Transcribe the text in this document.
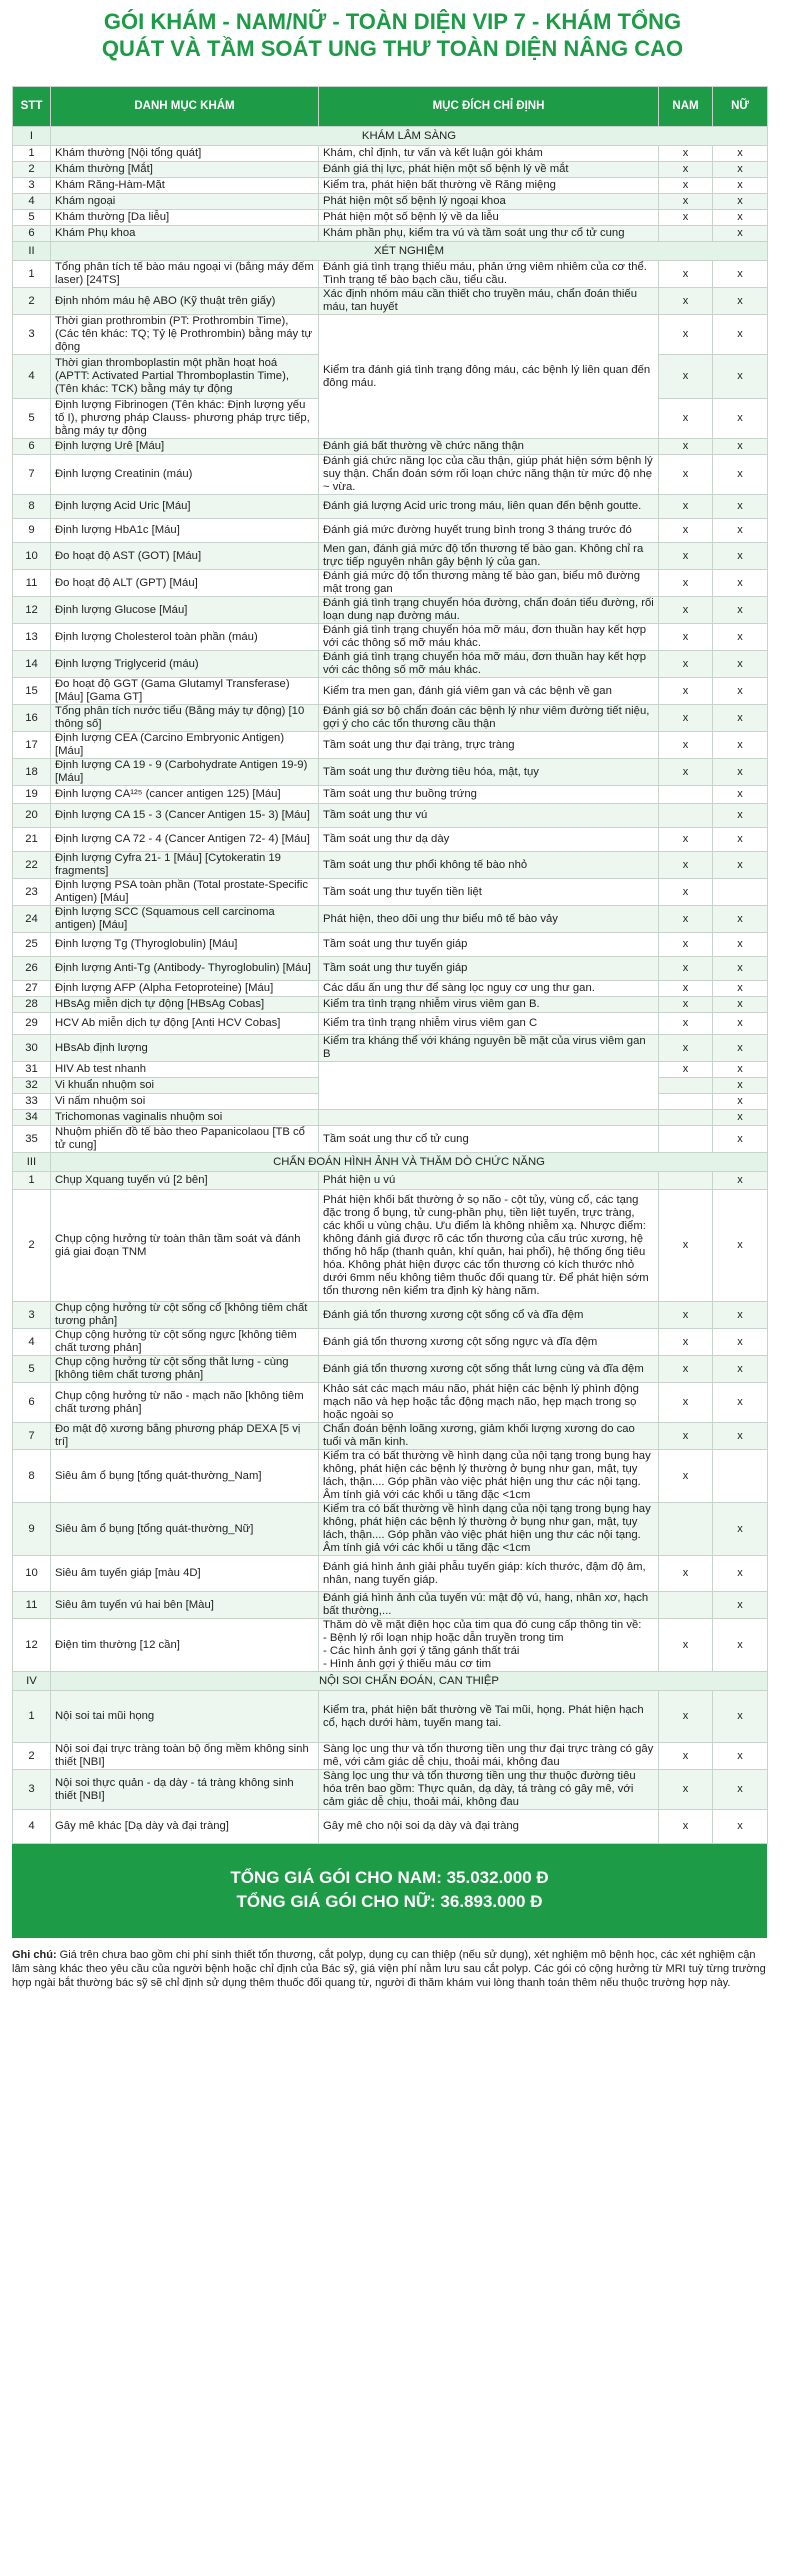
GÓI KHÁM - NAM/NỮ - TOÀN DIỆN VIP 7 - KHÁM TỔNG
QUÁT VÀ TẦM SOÁT UNG THƯ TOÀN DIỆN NÂNG CAO
STT	DANH MỤC KHÁM	MỤC ĐÍCH CHỈ ĐỊNH	NAM	NỮ
I	KHÁM LÂM SÀNG			
1	Khám thường [Nội tổng quát]	Khám, chỉ định, tư vấn và kết luận gói khám	x	x
2	Khám thường [Mắt]	Đánh giá thị lực, phát hiện một số bệnh lý về mắt	x	x
3	Khám Răng-Hàm-Mặt	Kiểm tra, phát hiện bất thường về Răng miệng	x	x
4	Khám ngoại	Phát hiện một số bệnh lý ngoại khoa	x	x
5	Khám thường [Da liễu]	Phát hiện một số bệnh lý về da liễu	x	x
6	Khám Phụ khoa	Khám phần phụ, kiểm tra vú và tầm soát ung thư cổ tử cung		x
II	XÉT NGHIỆM			
1	Tổng phân tích tế bào máu ngoại vi (bằng máy đếm laser) [24TS]	Đánh giá tình trạng thiếu máu, phản ứng viêm nhiễm của cơ thể. Tình trạng tế bào bạch cầu, tiểu cầu.	x	x
2	Định nhóm máu hệ ABO (Kỹ thuật trên giấy)	Xác định nhóm máu cần thiết cho truyền máu, chẩn đoán thiếu máu, tan huyết	x	x
3	Thời gian prothrombin (PT: Prothrombin Time), (Các tên khác: TQ; Tỷ lệ Prothrombin) bằng máy tự động	Kiểm tra đánh giá tình trạng đông máu, các bệnh lý liên quan đến đông máu.	x	x
4	Thời gian thromboplastin một phần hoạt hoá (APTT: Activated Partial Thromboplastin Time), (Tên khác: TCK) bằng máy tự động		x	x
5	Định lượng Fibrinogen (Tên khác: Định lượng yếu tố I), phương pháp Clauss- phương pháp trực tiếp, bằng máy tự động		x	x
6	Định lượng Urê [Máu]	Đánh giá bất thường về chức năng thận	x	x
7	Định lượng Creatinin (máu)	Đánh giá chức năng lọc của cầu thận, giúp phát hiện sớm bệnh lý suy thận. Chẩn đoán sớm rối loạn chức năng thận từ mức độ nhẹ ~ vừa.	x	x
8	Định lượng Acid Uric [Máu]	Đánh giá lượng Acid uric trong máu, liên quan đến bệnh goutte.	x	x
9	Định lượng HbA1c [Máu]	Đánh giá mức đường huyết trung bình trong 3 tháng trước đó	x	x
10	Đo hoạt độ AST (GOT) [Máu]	Men gan, đánh giá mức độ tổn thương tế bào gan. Không chỉ ra trực tiếp nguyên nhân gây bệnh lý của gan.	x	x
11	Đo hoạt độ ALT (GPT) [Máu]	Đánh giá mức độ tổn thương màng tế bào gan, biểu mô đường mật trong gan	x	x
12	Định lượng Glucose [Máu]	Đánh giá tình trạng chuyển hóa đường, chẩn đoán tiểu đường, rối loạn dung nạp đường máu.	x	x
13	Định lượng Cholesterol toàn phần (máu)	Đánh giá tình trạng chuyển hóa mỡ máu, đơn thuần hay kết hợp với các thông số mỡ máu khác.	x	x
14	Định lượng Triglycerid (máu)	Đánh giá tình trạng chuyển hóa mỡ máu, đơn thuần hay kết hợp với các thông số mỡ máu khác.	x	x
15	Đo hoạt độ GGT (Gama Glutamyl Transferase) [Máu] [Gama GT]	Kiểm tra men gan, đánh giá viêm gan và các bệnh về gan	x	x
16	Tổng phân tích nước tiểu (Bằng máy tự động) [10 thông số]	Đánh giá sơ bộ chẩn đoán các bệnh lý như viêm đường tiết niệu, gợi ý cho các tổn thương cầu thận	x	x
17	Định lượng CEA (Carcino Embryonic Antigen) [Máu]	Tầm soát ung thư đại tràng, trực tràng	x	x
18	Định lượng CA 19 - 9 (Carbohydrate Antigen 19-9) [Máu]	Tầm soát ung thư đường tiêu hóa, mật, tụy	x	x
19	Định lượng CA¹²⁵ (cancer antigen 125) [Máu]	Tầm soát ung thư buồng trứng		x
20	Định lượng CA 15 - 3 (Cancer Antigen 15- 3) [Máu]	Tầm soát ung thư vú		x
21	Định lượng CA 72 - 4 (Cancer Antigen 72- 4) [Máu]	Tầm soát ung thư dạ dày	x	x
22	Định lượng Cyfra 21- 1 [Máu] [Cytokeratin 19 fragments]	Tầm soát ung thư phổi không tế bào nhỏ	x	x
23	Định lượng PSA toàn phần (Total prostate-Specific Antigen) [Máu]	Tầm soát ung thư tuyến tiền liệt	x	
24	Định lượng SCC (Squamous cell carcinoma antigen) [Máu]	Phát hiện, theo dõi ung thư biểu mô tế bào vảy	x	x
25	Định lượng Tg (Thyroglobulin) [Máu]	Tầm soát ung thư tuyến giáp	x	x
26	Định lượng Anti-Tg (Antibody- Thyroglobulin) [Máu]	Tầm soát ung thư tuyến giáp	x	x
27	Định lượng AFP (Alpha Fetoproteine) [Máu]	Các dấu ấn ung thư để sàng lọc nguy cơ ung thư gan.	x	x
28	HBsAg miễn dịch tự động [HBsAg Cobas]	Kiểm tra tình trạng nhiễm virus viêm gan B.	x	x
29	HCV Ab miễn dịch tự động [Anti HCV Cobas]	Kiểm tra tình trạng nhiễm virus viêm gan C	x	x
30	HBsAb định lượng	Kiểm tra kháng thể với kháng nguyên bề mặt của virus viêm gan B	x	x
31	HIV Ab test nhanh		x	x
32	Vi khuẩn nhuộm soi			x
33	Vi nấm nhuộm soi			x
34	Trichomonas vaginalis nhuộm soi			x
35	Nhuộm phiến đồ tế bào theo Papanicolaou [TB cổ tử cung]	Tầm soát ung thư cổ tử cung		x
III	CHẨN ĐOÁN HÌNH ẢNH VÀ THĂM DÒ CHỨC NĂNG			
1	Chụp Xquang tuyến vú [2 bên]	Phát hiện u vú		x
2	Chụp cộng hưởng từ toàn thân tầm soát và đánh giá giai đoạn TNM	Phát hiện khối bất thường ở sọ não - cột tủy, vùng cổ, các tạng đặc trong ổ bụng, tử cung-phần phụ, tiền liệt tuyến, trực tràng, các khối u vùng chậu. Ưu điểm là không nhiễm xạ. Nhược điểm: không đánh giá được rõ các tổn thương của cấu trúc xương, hệ thống hô hấp (thanh quản, khí quản, hai phổi), hệ thống ống tiêu hóa. Không phát hiện được các tổn thương có kích thước nhỏ dưới 6mm nếu không tiêm thuốc đối quang từ. Để phát hiện sớm tổn thương nên kiểm tra định kỳ hàng năm.	x	x
3	Chụp cộng hưởng từ cột sống cổ [không tiêm chất tương phản]	Đánh giá tổn thương xương cột sống cổ và đĩa đệm	x	x
4	Chụp cộng hưởng từ cột sống ngực [không tiêm chất tương phản]	Đánh giá tổn thương xương cột sống ngực và đĩa đệm	x	x
5	Chụp cộng hưởng từ cột sống thắt lưng - cùng [không tiêm chất tương phản]	Đánh giá tổn thương xương cột sống thắt lưng cùng và đĩa đệm	x	x
6	Chụp cộng hưởng từ não - mạch não [không tiêm chất tương phản]	Khảo sát các mạch máu não, phát hiện các bệnh lý phình động mạch não và hẹp hoặc tắc động mạch não, hẹp mạch trong sọ hoặc ngoài sọ	x	x
7	Đo mật độ xương bằng phương pháp DEXA [5 vị trí]	Chẩn đoán bệnh loãng xương, giảm khối lượng xương do cao tuổi và mãn kinh.	x	x
8	Siêu âm ổ bụng [tổng quát-thường_Nam]	Kiểm tra có bất thường về hình dạng của nội tạng trong bụng hay không, phát hiện các bệnh lý thường ở bụng như gan, mật, tụy lách, thận.... Góp phần vào việc phát hiện ung thư các nội tạng. Âm tính giả với các khối u tăng đặc <1cm	x	
9	Siêu âm ổ bụng [tổng quát-thường_Nữ]	Kiểm tra có bất thường về hình dạng của nội tạng trong bụng hay không, phát hiện các bệnh lý thường ở bụng như gan, mật, tụy lách, thận.... Góp phần vào việc phát hiện ung thư các nội tạng. Âm tính giả với các khối u tăng đặc <1cm		x
10	Siêu âm tuyến giáp [màu 4D]	Đánh giá hình ảnh giải phẫu tuyến giáp: kích thước, đậm độ âm, nhân, nang tuyến giáp.	x	x
11	Siêu âm tuyến vú hai bên [Màu]	Đánh giá hình ảnh của tuyến vú: mật độ vú, hang, nhân xơ, hạch bất thường,...		x
12	Điện tim thường [12 cần]	Thăm dò về mặt điện học của tim qua đó cung cấp thông tin về:
- Bệnh lý rối loạn nhịp hoặc dẫn truyền trong tim
- Các hình ảnh gợi ý tăng gánh thất trái
- Hình ảnh gợi ý thiếu máu cơ tim	x	x
IV	NỘI SOI CHẨN ĐOÁN, CAN THIỆP			
1	Nội soi tai mũi họng	Kiểm tra, phát hiện bất thường về Tai mũi, họng. Phát hiện hạch cổ, hạch dưới hàm, tuyến mang tai.	x	x
2	Nội soi đại trực tràng toàn bộ ống mềm không sinh thiết [NBI]	Sàng lọc ung thư và tổn thương tiền ung thư đại trực tràng có gây mê, với cảm giác dễ chịu, thoải mái, không đau	x	x
3	Nội soi thực quản - dạ dày - tá tràng không sinh thiết [NBI]	Sàng lọc ung thư và tổn thương tiền ung thư thuộc đường tiêu hóa trên bao gồm: Thực quản, dạ dày, tá tràng có gây mê, với cảm giác dễ chịu, thoải mái, không đau	x	x
4	Gây mê khác [Dạ dày và đại tràng]	Gây mê cho nội soi dạ dày và đại tràng	x	x
TỔNG GIÁ GÓI CHO NAM: 35.032.000 Đ
TỔNG GIÁ GÓI CHO NỮ: 36.893.000 Đ
Ghi chú: Giá trên chưa bao gồm chi phí sinh thiết tổn thương, cắt polyp, dụng cụ can thiệp (nếu sử dụng), xét nghiệm mô bệnh học, các xét nghiệm cận lâm sàng khác theo yêu cầu của người bệnh hoặc chỉ định của Bác sỹ, giá viện phí nằm lưu sau cắt polyp. Các gói có cộng hưởng từ MRI tuỳ từng trường hợp ngài bắt thường bác sỹ sẽ chỉ định sử dụng thêm thuốc đối quang từ, người đi thăm khám vui lòng thanh toán thêm nếu thuộc trường hợp này.
